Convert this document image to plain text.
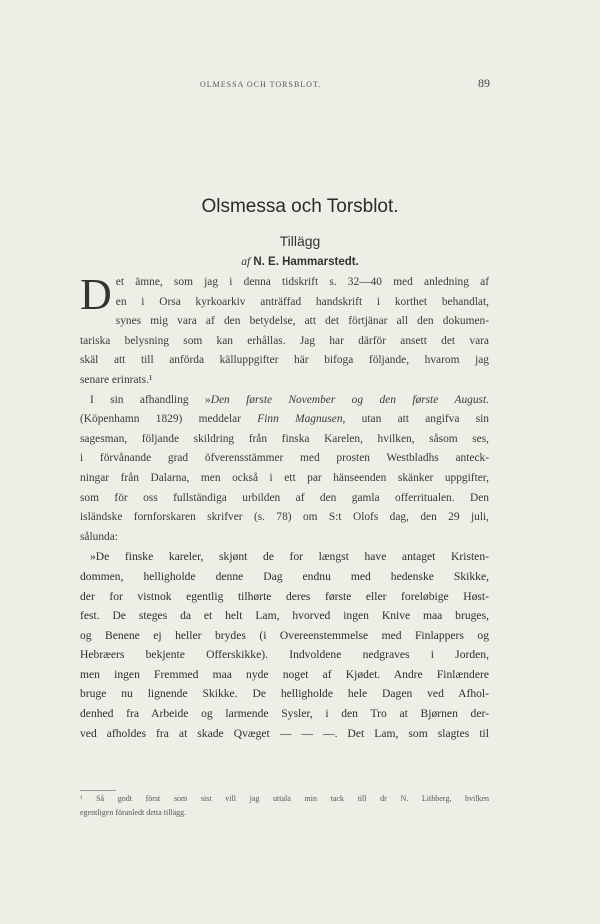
OLMESSA OCH TORSBLOT.	89
Olsmessa och Torsblot.
Tillägg
af N. E. Hammarstedt.
D et ämne, som jag i denna tidskrift s. 32—40 med anledning af
en i Orsa kyrkoarkiv anträffad handskrift i korthet behandlat,
synes mig vara af den betydelse, att det förtjänar all den dokumen-
tariska belysning som kan erhållas. Jag har därför ansett det vara
skäl att till anförda källuppgifter här bifoga följande, hvarom jag
senare erinrats.¹
I sin afhandling »Den første November og den første August.
(Köpenhamn 1829) meddelar Finn Magnusen, utan att angifva sin
sagesman, följande skildring från finska Karelen, hvilken, såsom ses,
i förvånande grad öfverensstämmer med prosten Westbladhs anteck-
ningar från Dalarna, men också i ett par hänseenden skänker uppgifter,
som för oss fullständiga urbilden af den gamla offerritualen. Den
isländske fornforskaren skrifver (s. 78) om S:t Olofs dag, den 29 juli,
sålunda:
»De finske kareler, skjønt de for længst have antaget Kristen-
dommen, helligholde denne Dag endnu med hedenske Skikke,
der for vistnok egentlig tilhørte deres første eller foreløbige Høst-
fest. De steges da et helt Lam, hvorved ingen Knive maa bruges,
og Benene ej heller brydes (i Overeenstemmelse med Finlappers og
Hebræers bekjente Offerskikke). Indvoldene nedgraves i Jorden,
men ingen Fremmed maa nyde noget af Kjødet. Andre Finlændere
bruge nu lignende Skikke. De helligholde hele Dagen ved Afhol-
denhed fra Arbeide og larmende Sysler, i den Tro at Bjørnen der-
ved afholdes fra at skade Qvæget — — —. Det Lam, som slagtes til
¹ Så godt först som sist vill jag uttala min tack till dr N. Lithberg, hvilken
egentligen föranledt detta tillägg.
